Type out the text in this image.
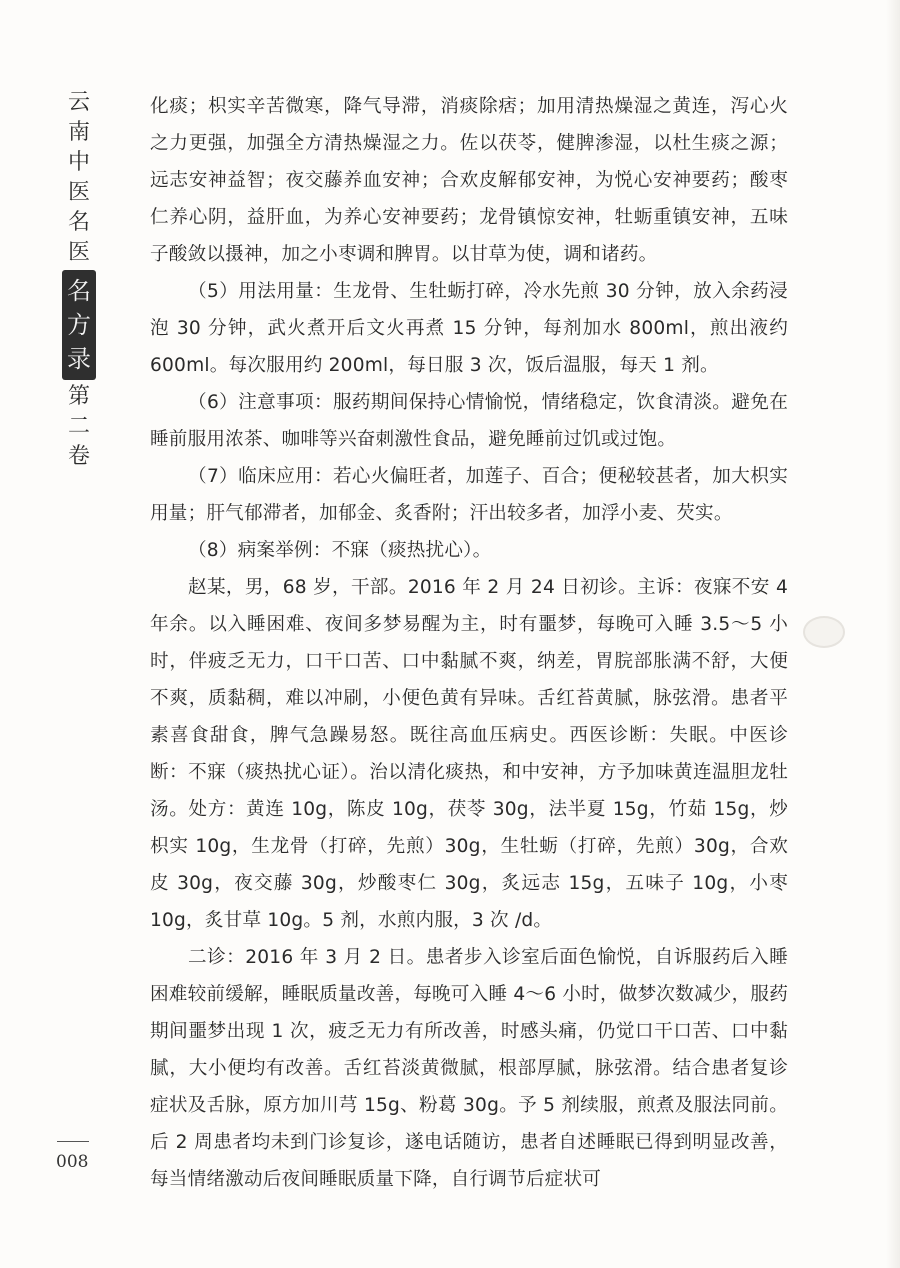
云
南
中
医
名
医
名
方
录
第
二
卷
008

化痰；枳实辛苦微寒，降气导滞，消痰除痞；加用清热燥湿之黄连，泻心火之力更强，加强全方清热燥湿之力。佐以茯苓，健脾渗湿，以杜生痰之源；远志安神益智；夜交藤养血安神；合欢皮解郁安神，为悦心安神要药；酸枣仁养心阴，益肝血，为养心安神要药；龙骨镇惊安神，牡蛎重镇安神，五味子酸敛以摄神，加之小枣调和脾胃。以甘草为使，调和诸药。

（5）用法用量：生龙骨、生牡蛎打碎，冷水先煎 30 分钟，放入余药浸泡 30 分钟，武火煮开后文火再煮 15 分钟，每剂加水 800ml，煎出液约 600ml。每次服用约 200ml，每日服 3 次，饭后温服，每天 1 剂。

（6）注意事项：服药期间保持心情愉悦，情绪稳定，饮食清淡。避免在睡前服用浓茶、咖啡等兴奋刺激性食品，避免睡前过饥或过饱。

（7）临床应用：若心火偏旺者，加莲子、百合；便秘较甚者，加大枳实用量；肝气郁滞者，加郁金、炙香附；汗出较多者，加浮小麦、芡实。

（8）病案举例：不寐（痰热扰心）。

赵某，男，68 岁，干部。2016 年 2 月 24 日初诊。主诉：夜寐不安 4 年余。以入睡困难、夜间多梦易醒为主，时有噩梦，每晚可入睡 3.5～5 小时，伴疲乏无力，口干口苦、口中黏腻不爽，纳差，胃脘部胀满不舒，大便不爽，质黏稠，难以冲刷，小便色黄有异味。舌红苔黄腻，脉弦滑。患者平素喜食甜食，脾气急躁易怒。既往高血压病史。西医诊断：失眠。中医诊断：不寐（痰热扰心证）。治以清化痰热，和中安神，方予加味黄连温胆龙牡汤。处方：黄连 10g，陈皮 10g，茯苓 30g，法半夏 15g，竹茹 15g，炒枳实 10g，生龙骨（打碎，先煎）30g，生牡蛎（打碎，先煎）30g，合欢皮 30g，夜交藤 30g，炒酸枣仁 30g，炙远志 15g，五味子 10g，小枣 10g，炙甘草 10g。5 剂，水煎内服，3 次 /d。

二诊：2016 年 3 月 2 日。患者步入诊室后面色愉悦，自诉服药后入睡困难较前缓解，睡眠质量改善，每晚可入睡 4～6 小时，做梦次数减少，服药期间噩梦出现 1 次，疲乏无力有所改善，时感头痛，仍觉口干口苦、口中黏腻，大小便均有改善。舌红苔淡黄微腻，根部厚腻，脉弦滑。结合患者复诊症状及舌脉，原方加川芎 15g、粉葛 30g。予 5 剂续服，煎煮及服法同前。后 2 周患者均未到门诊复诊，遂电话随访，患者自述睡眠已得到明显改善，每当情绪激动后夜间睡眠质量下降，自行调节后症状可
